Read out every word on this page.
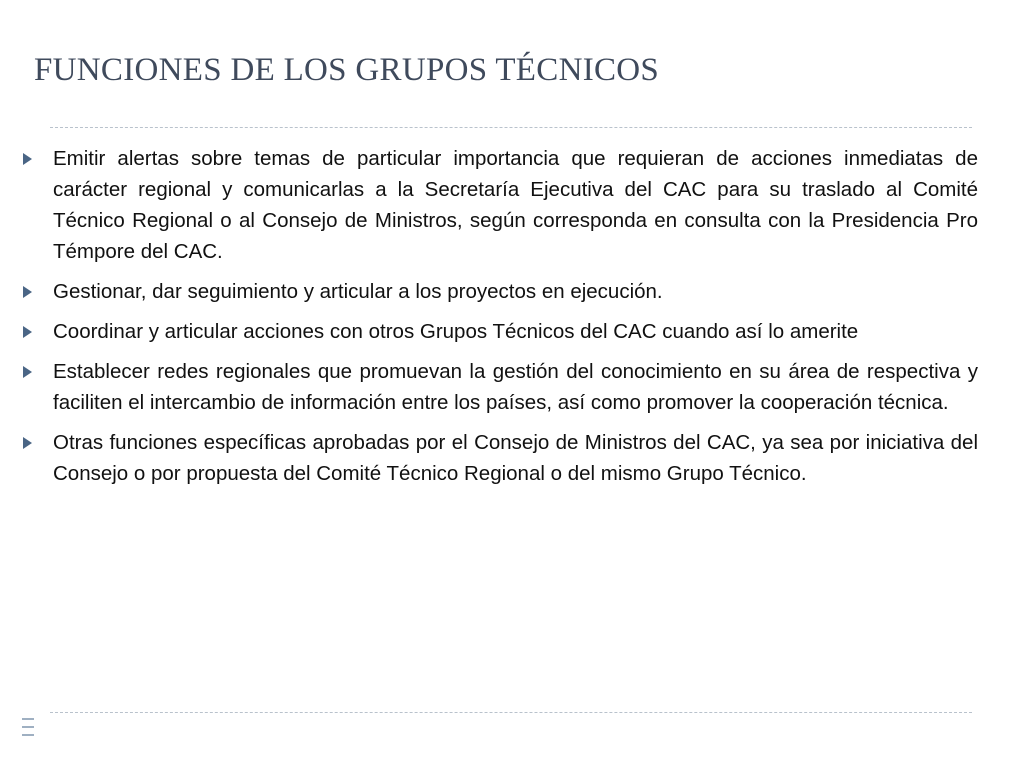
FUNCIONES DE LOS GRUPOS TÉCNICOS
Emitir alertas sobre temas de particular importancia que requieran de acciones inmediatas de carácter regional y comunicarlas a la Secretaría Ejecutiva del CAC para su traslado al Comité Técnico Regional o al Consejo de Ministros, según corresponda en consulta con la Presidencia Pro Témpore del CAC.
Gestionar, dar seguimiento y articular a los proyectos en ejecución.
Coordinar y articular acciones con otros Grupos Técnicos del CAC cuando así lo amerite
Establecer redes regionales que promuevan la gestión del conocimiento en su área de respectiva y faciliten el intercambio de información entre los países, así como promover la cooperación técnica.
Otras funciones específicas aprobadas por el Consejo de Ministros del CAC, ya sea por iniciativa del Consejo o por propuesta del Comité Técnico Regional o del mismo Grupo Técnico.
